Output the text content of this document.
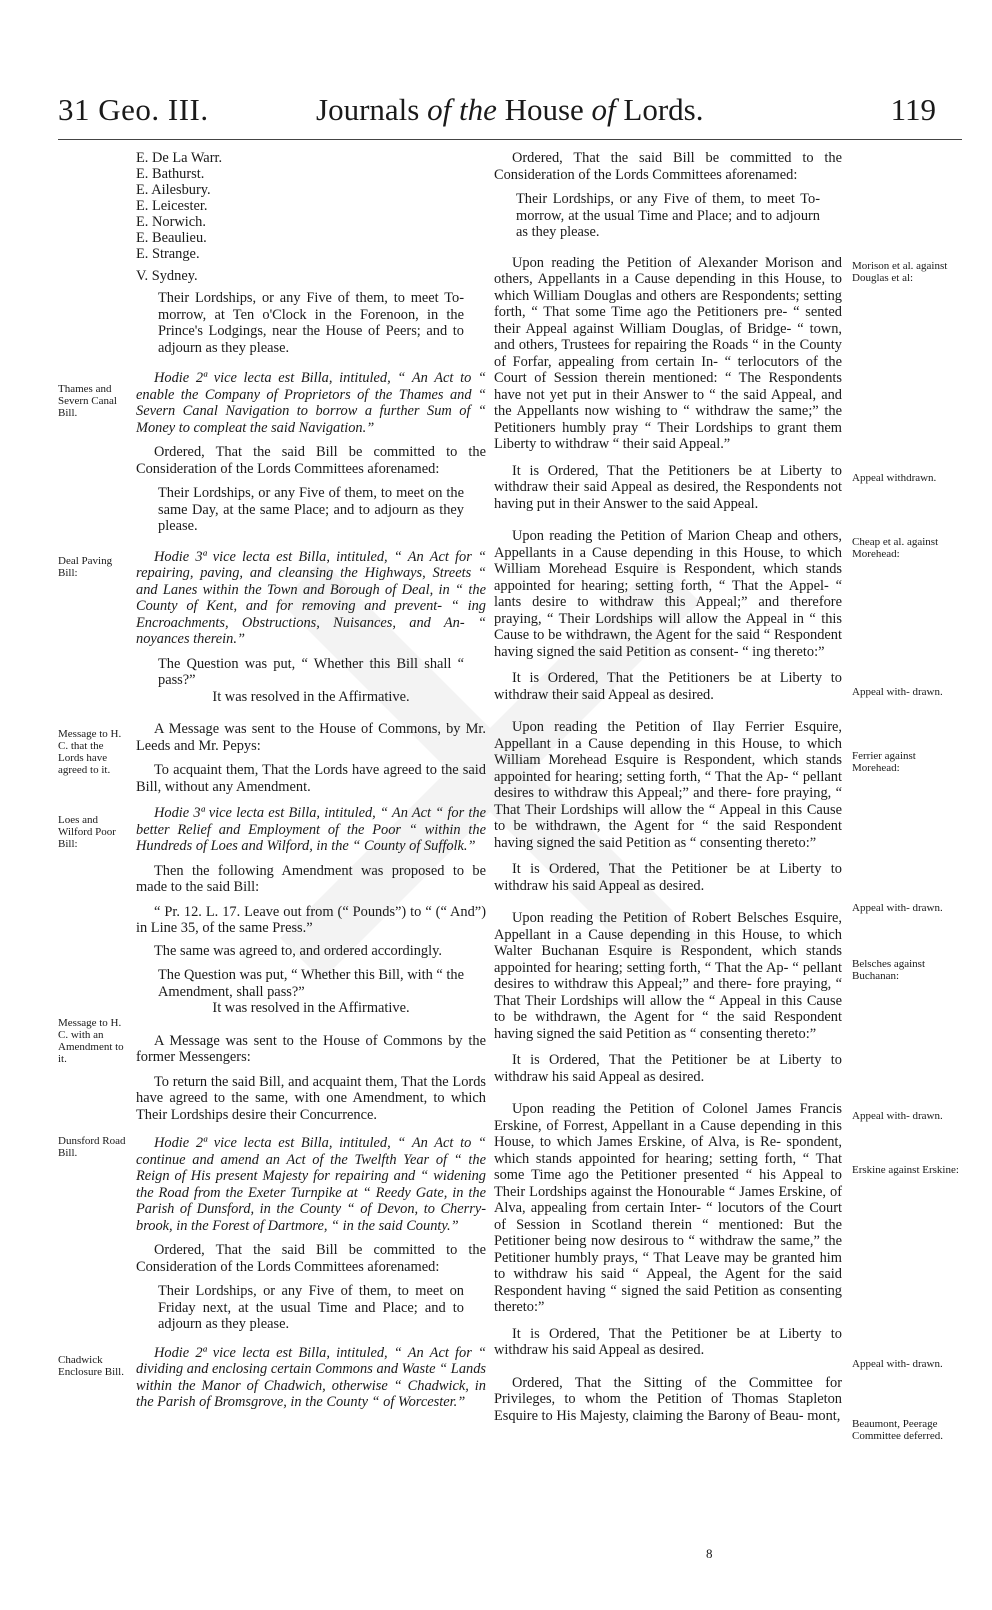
31 Geo. III.	Journals of the House of Lords.	119
Thames and Severn Canal Bill.
Deal Paving Bill:
Message to H. C. that the Lords have agreed to it.
Loes and Wilford Poor Bill:
Message to H. C. with an Amendment to it.
Dunsford Road Bill.
Chadwick Enclosure Bill.
E. De La Warr.
E. Bathurst.
E. Ailesbury.
E. Leicester.
E. Norwich.
E. Beaulieu.
E. Strange.
V. Sydney.

Their Lordships, or any Five of them, to meet To-morrow, at Ten o'Clock in the Forenoon, in the Prince's Lodgings, near the House of Peers; and to adjourn as they please.

Hodie 2ª vice lecta est Billa, intituled, “ An Act to “ enable the Company of Proprietors of the Thames and “ Severn Canal Navigation to borrow a further Sum of “ Money to compleat the said Navigation.”

Ordered, That the said Bill be committed to the Consideration of the Lords Committees aforenamed:

Their Lordships, or any Five of them, to meet on the same Day, at the same Place; and to adjourn as they please.

Hodie 3ª vice lecta est Billa, intituled, “ An Act for “ repairing, paving, and cleansing the Highways, Streets “ and Lanes within the Town and Borough of Deal, in “ the County of Kent, and for removing and prevent- “ ing Encroachments, Obstructions, Nuisances, and An- “ noyances therein.”

The Question was put, “ Whether this Bill shall “ pass?”

It was resolved in the Affirmative.

A Message was sent to the House of Commons, by Mr. Leeds and Mr. Pepys:

To acquaint them, That the Lords have agreed to the said Bill, without any Amendment.

Hodie 3ª vice lecta est Billa, intituled, “ An Act “ for the better Relief and Employment of the Poor “ within the Hundreds of Loes and Wilford, in the “ County of Suffolk.”

Then the following Amendment was proposed to be made to the said Bill:

“ Pr. 12. L. 17. Leave out from (“ Pounds”) to “ (“ And”) in Line 35, of the same Press.”

The same was agreed to, and ordered accordingly.

The Question was put, “ Whether this Bill, with “ the Amendment, shall pass?”

It was resolved in the Affirmative.

A Message was sent to the House of Commons by the former Messengers:

To return the said Bill, and acquaint them, That the Lords have agreed to the same, with one Amendment, to which Their Lordships desire their Concurrence.

Hodie 2ª vice lecta est Billa, intituled, “ An Act to “ continue and amend an Act of the Twelfth Year of “ the Reign of His present Majesty for repairing and “ widening the Road from the Exeter Turnpike at “ Reedy Gate, in the Parish of Dunsford, in the County “ of Devon, to Cherry-brook, in the Forest of Dartmore, “ in the said County.”

Ordered, That the said Bill be committed to the Consideration of the Lords Committees aforenamed:

Their Lordships, or any Five of them, to meet on Friday next, at the usual Time and Place; and to adjourn as they please.

Hodie 2ª vice lecta est Billa, intituled, “ An Act for “ dividing and enclosing certain Commons and Waste “ Lands within the Manor of Chadwich, otherwise “ Chadwick, in the Parish of Bromsgrove, in the County “ of Worcester.”

Ordered, That the said Bill be committed to the Consideration of the Lords Committees aforenamed:

Their Lordships, or any Five of them, to meet To-morrow, at the usual Time and Place; and to adjourn as they please.

Upon reading the Petition of Alexander Morison and others, Appellants in a Cause depending in this House, to which William Douglas and others are Respondents; setting forth, “ That some Time ago the Petitioners pre- “ sented their Appeal against William Douglas, of Bridge- “ town, and others, Trustees for repairing the Roads “ in the County of Forfar, appealing from certain In- “ terlocutors of the Court of Session therein mentioned: “ The Respondents have not yet put in their Answer to “ the said Appeal, and the Appellants now wishing to “ withdraw the same;” the Petitioners humbly pray “ Their Lordships to grant them Liberty to withdraw “ their said Appeal.”

It is Ordered, That the Petitioners be at Liberty to withdraw their said Appeal as desired, the Respondents not having put in their Answer to the said Appeal.

Upon reading the Petition of Marion Cheap and others, Appellants in a Cause depending in this House, to which William Morehead Esquire is Respondent, which stands appointed for hearing; setting forth, “ That the Appel- “ lants desire to withdraw this Appeal;” and therefore praying, “ Their Lordships will allow the Appeal in “ this Cause to be withdrawn, the Agent for the said “ Respondent having signed the said Petition as consent- “ ing thereto:”

It is Ordered, That the Petitioners be at Liberty to withdraw their said Appeal as desired.

Upon reading the Petition of Ilay Ferrier Esquire, Appellant in a Cause depending in this House, to which William Morehead Esquire is Respondent, which stands appointed for hearing; setting forth, “ That the Ap- “ pellant desires to withdraw this Appeal;” and there- fore praying, “ That Their Lordships will allow the “ Appeal in this Cause to be withdrawn, the Agent for “ the said Respondent having signed the said Petition as “ consenting thereto:”

It is Ordered, That the Petitioner be at Liberty to withdraw his said Appeal as desired.

Upon reading the Petition of Robert Belsches Esquire, Appellant in a Cause depending in this House, to which Walter Buchanan Esquire is Respondent, which stands appointed for hearing; setting forth, “ That the Ap- “ pellant desires to withdraw this Appeal;” and there- fore praying, “ That Their Lordships will allow the “ Appeal in this Cause to be withdrawn, the Agent for “ the said Respondent having signed the said Petition as “ consenting thereto:”

It is Ordered, That the Petitioner be at Liberty to withdraw his said Appeal as desired.

Upon reading the Petition of Colonel James Francis Erskine, of Forrest, Appellant in a Cause depending in this House, to which James Erskine, of Alva, is Re- spondent, which stands appointed for hearing; setting forth, “ That some Time ago the Petitioner presented “ his Appeal to Their Lordships against the Honourable “ James Erskine, of Alva, appealing from certain Inter- “ locutors of the Court of Session in Scotland therein “ mentioned: But the Petitioner being now desirous to “ withdraw the same,” the Petitioner humbly prays, “ That Leave may be granted him to withdraw his said “ Appeal, the Agent for the said Respondent having “ signed the said Petition as consenting thereto:”

It is Ordered, That the Petitioner be at Liberty to withdraw his said Appeal as desired.

Ordered, That the Sitting of the Committee for Privileges, to whom the Petition of Thomas Stapleton Esquire to His Majesty, claiming the Barony of Beau- mont,

Morison et al. against Douglas et al:
Appeal withdrawn.
Cheap et al. against Morehead:
Appeal with- drawn.
Ferrier against Morehead:
Appeal with- drawn.
Belsches against Buchanan:
Appeal with- drawn.
Erskine against Erskine:
Appeal with- drawn.
Beaumont, Peerage Committee deferred.
8
